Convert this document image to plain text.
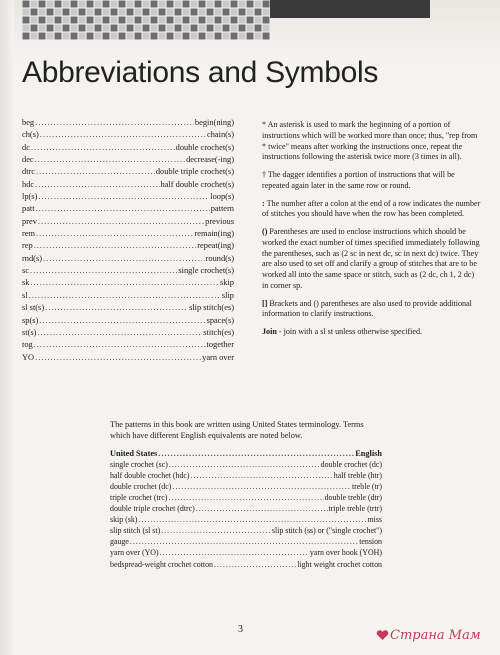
Abbreviations and Symbols
beg .....	begin(ning)
ch(s) .....	chain(s)
dc .....	double crochet(s)
dec .....	decrease(-ing)
dtrc .....	double triple crochet(s)
hdc .....	half double crochet(s)
lp(s) .....	loop(s)
patt .....	pattern
prev .....	previous
rem .....	remain(ing)
rep .....	repeat(ing)
rnd(s) .....	round(s)
sc .....	single crochet(s)
sk .....	skip
sl .....	slip
sl st(s) .....	slip stitch(es)
sp(s) .....	space(s)
st(s) .....	stitch(es)
tog .....	together
YO .....	yarn over

* An asterisk is used to mark the beginning of a portion of instructions which will be worked more than once; thus, "rep from * twice" means after working the instructions once, repeat the instructions following the asterisk twice more (3 times in all).

† The dagger identifies a portion of instructions that will be repeated again later in the same row or round.

: The number after a colon at the end of a row indicates the number of stitches you should have when the row has been completed.

() Parentheses are used to enclose instructions which should be worked the exact number of times specified immediately following the parentheses, such as (2 sc in next dc, sc in next dc) twice. They are also used to set off and clarify a group of stitches that are to be worked all into the same space or stitch, such as (2 dc, ch 1, 2 dc) in corner sp.

[] Brackets and () parentheses are also used to provide additional information to clarify instructions.

Join - join with a sl st unless otherwise specified.

The patterns in this book are written using United States terminology. Terms which have different English equivalents are noted below.

United States .....	English
single crochet (sc) .....	double crochet (dc)
half double crochet (hdc) .....	half treble (htr)
double crochet (dc) .....	treble (tr)
triple crochet (trc) .....	double treble (dtr)
double triple crochet (dtrc) .....	triple treble (trtr)
skip (sk) .....	miss
slip stitch (sl st) .....	slip stitch (ss) or ("single crochet")
gauge .....	tension
yarn over (YO) .....	yarn over hook (YOH)
bedspread-weight crochet cotton .....	light weight crochet cotton
3	Страна Мам
